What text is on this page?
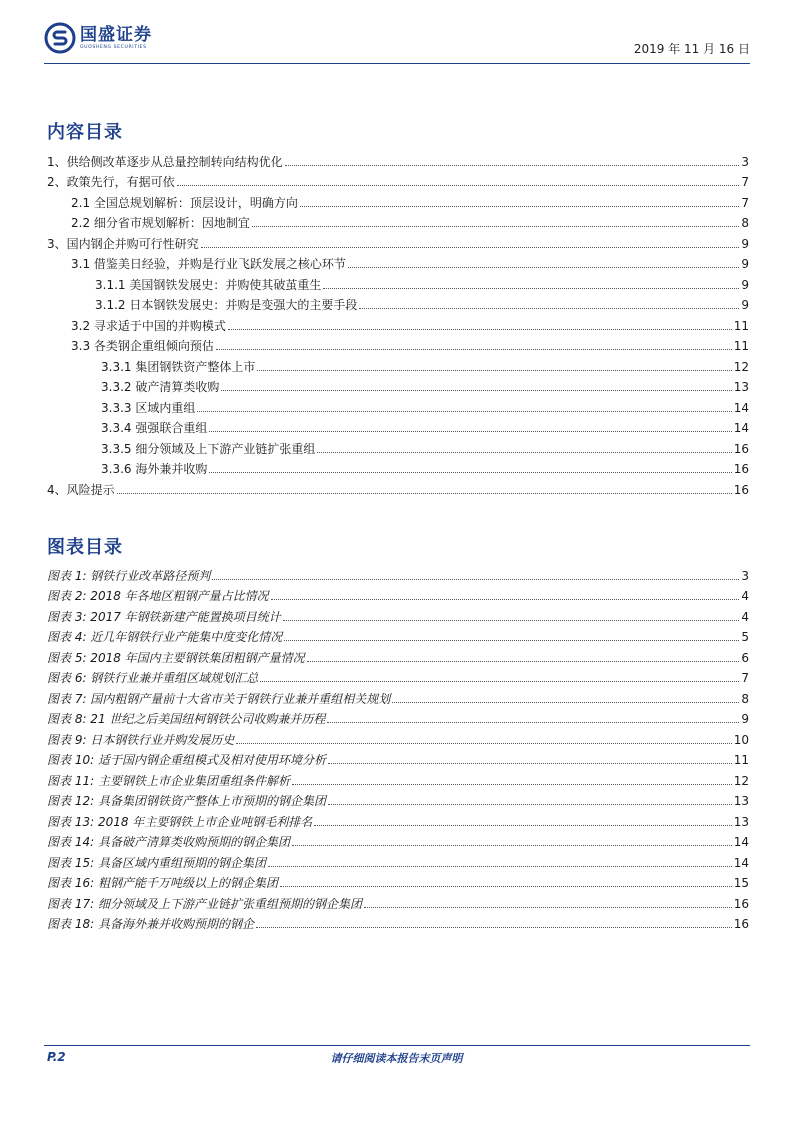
国盛证券
GUOSHENG SECURITIES	2019 年 11 月 16 日
内容目录
1、供给侧改革逐步从总量控制转向结构优化	3
2、政策先行，有据可依	7
2.1 全国总规划解析：顶层设计，明确方向	7
2.2 细分省市规划解析：因地制宜	8
3、国内钢企并购可行性研究	9
3.1 借鉴美日经验，并购是行业飞跃发展之核心环节	9
3.1.1 美国钢铁发展史：并购使其破茧重生	9
3.1.2 日本钢铁发展史：并购是变强大的主要手段	9
3.2 寻求适于中国的并购模式	11
3.3 各类钢企重组倾向预估	11
3.3.1 集团钢铁资产整体上市	12
3.3.2 破产清算类收购	13
3.3.3 区域内重组	14
3.3.4 强强联合重组	14
3.3.5 细分领域及上下游产业链扩张重组	16
3.3.6 海外兼并收购	16
4、风险提示	16
图表目录
图表 1: 钢铁行业改革路径预判	3
图表 2: 2018 年各地区粗钢产量占比情况	4
图表 3: 2017 年钢铁新建产能置换项目统计	4
图表 4: 近几年钢铁行业产能集中度变化情况	5
图表 5: 2018 年国内主要钢铁集团粗钢产量情况	6
图表 6: 钢铁行业兼并重组区域规划汇总	7
图表 7: 国内粗钢产量前十大省市关于钢铁行业兼并重组相关规划	8
图表 8: 21 世纪之后美国纽柯钢铁公司收购兼并历程	9
图表 9: 日本钢铁行业并购发展历史	10
图表 10: 适于国内钢企重组模式及相对使用环境分析	11
图表 11: 主要钢铁上市企业集团重组条件解析	12
图表 12: 具备集团钢铁资产整体上市预期的钢企集团	13
图表 13: 2018 年主要钢铁上市企业吨钢毛利排名	13
图表 14: 具备破产清算类收购预期的钢企集团	14
图表 15: 具备区域内重组预期的钢企集团	14
图表 16: 粗钢产能千万吨级以上的钢企集团	15
图表 17: 细分领域及上下游产业链扩张重组预期的钢企集团	16
图表 18: 具备海外兼并收购预期的钢企	16
P.2	请仔细阅读本报告末页声明
